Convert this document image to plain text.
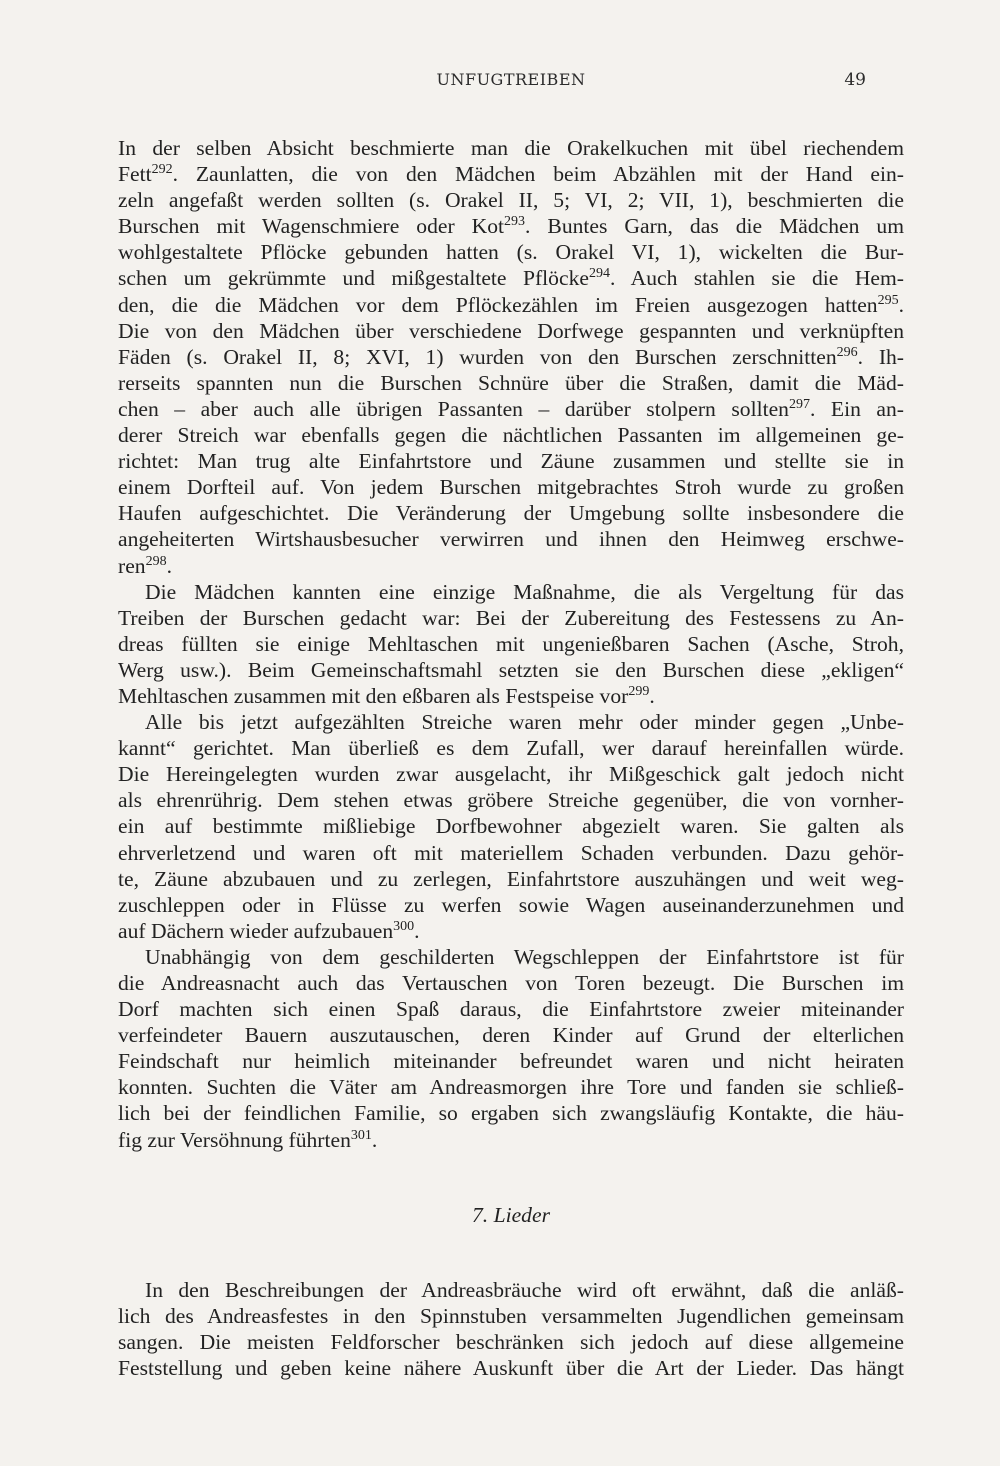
UNFUGTREIBEN	49
In der selben Absicht beschmierte man die Orakelkuchen mit übel riechendem
Fett$^{292}$. Zaunlatten, die von den Mädchen beim Abzählen mit der Hand ein-
zeln angefaßt werden sollten (s. Orakel II, 5; VI, 2; VII, 1), beschmierten die
Burschen mit Wagenschmiere oder Kot$^{293}$. Buntes Garn, das die Mädchen um
wohlgestaltete Pflöcke gebunden hatten (s. Orakel VI, 1), wickelten die Bur-
schen um gekrümmte und mißgestaltete Pflöcke$^{294}$. Auch stahlen sie die Hem-
den, die die Mädchen vor dem Pflöckezählen im Freien ausgezogen hatten$^{295}$.
Die von den Mädchen über verschiedene Dorfwege gespannten und verknüpften
Fäden (s. Orakel II, 8; XVI, 1) wurden von den Burschen zerschnitten$^{296}$. Ih-
rerseits spannten nun die Burschen Schnüre über die Straßen, damit die Mäd-
chen – aber auch alle übrigen Passanten – darüber stolpern sollten$^{297}$. Ein an-
derer Streich war ebenfalls gegen die nächtlichen Passanten im allgemeinen ge-
richtet: Man trug alte Einfahrtstore und Zäune zusammen und stellte sie in
einem Dorfteil auf. Von jedem Burschen mitgebrachtes Stroh wurde zu großen
Haufen aufgeschichtet. Die Veränderung der Umgebung sollte insbesondere die
angeheiterten Wirtshausbesucher verwirren und ihnen den Heimweg erschwe-
ren$^{298}$.
Die Mädchen kannten eine einzige Maßnahme, die als Vergeltung für das
Treiben der Burschen gedacht war: Bei der Zubereitung des Festessens zu An-
dreas füllten sie einige Mehltaschen mit ungenießbaren Sachen (Asche, Stroh,
Werg usw.). Beim Gemeinschaftsmahl setzten sie den Burschen diese „ekligen“
Mehltaschen zusammen mit den eßbaren als Festspeise vor$^{299}$.
Alle bis jetzt aufgezählten Streiche waren mehr oder minder gegen „Unbe-
kannt“ gerichtet. Man überließ es dem Zufall, wer darauf hereinfallen würde.
Die Hereingelegten wurden zwar ausgelacht, ihr Mißgeschick galt jedoch nicht
als ehrenrührig. Dem stehen etwas gröbere Streiche gegenüber, die von vornher-
ein auf bestimmte mißliebige Dorfbewohner abgezielt waren. Sie galten als
ehrverletzend und waren oft mit materiellem Schaden verbunden. Dazu gehör-
te, Zäune abzubauen und zu zerlegen, Einfahrtstore auszuhängen und weit weg-
zuschleppen oder in Flüsse zu werfen sowie Wagen auseinanderzunehmen und
auf Dächern wieder aufzubauen$^{300}$.
Unabhängig von dem geschilderten Wegschleppen der Einfahrtstore ist für
die Andreasnacht auch das Vertauschen von Toren bezeugt. Die Burschen im
Dorf machten sich einen Spaß daraus, die Einfahrtstore zweier miteinander
verfeindeter Bauern auszutauschen, deren Kinder auf Grund der elterlichen
Feindschaft nur heimlich miteinander befreundet waren und nicht heiraten
konnten. Suchten die Väter am Andreasmorgen ihre Tore und fanden sie schließ-
lich bei der feindlichen Familie, so ergaben sich zwangsläufig Kontakte, die häu-
fig zur Versöhnung führten$^{301}$.
7. Lieder
In den Beschreibungen der Andreasbräuche wird oft erwähnt, daß die anläß-
lich des Andreasfestes in den Spinnstuben versammelten Jugendlichen gemeinsam
sangen. Die meisten Feldforscher beschränken sich jedoch auf diese allgemeine
Feststellung und geben keine nähere Auskunft über die Art der Lieder. Das hängt
